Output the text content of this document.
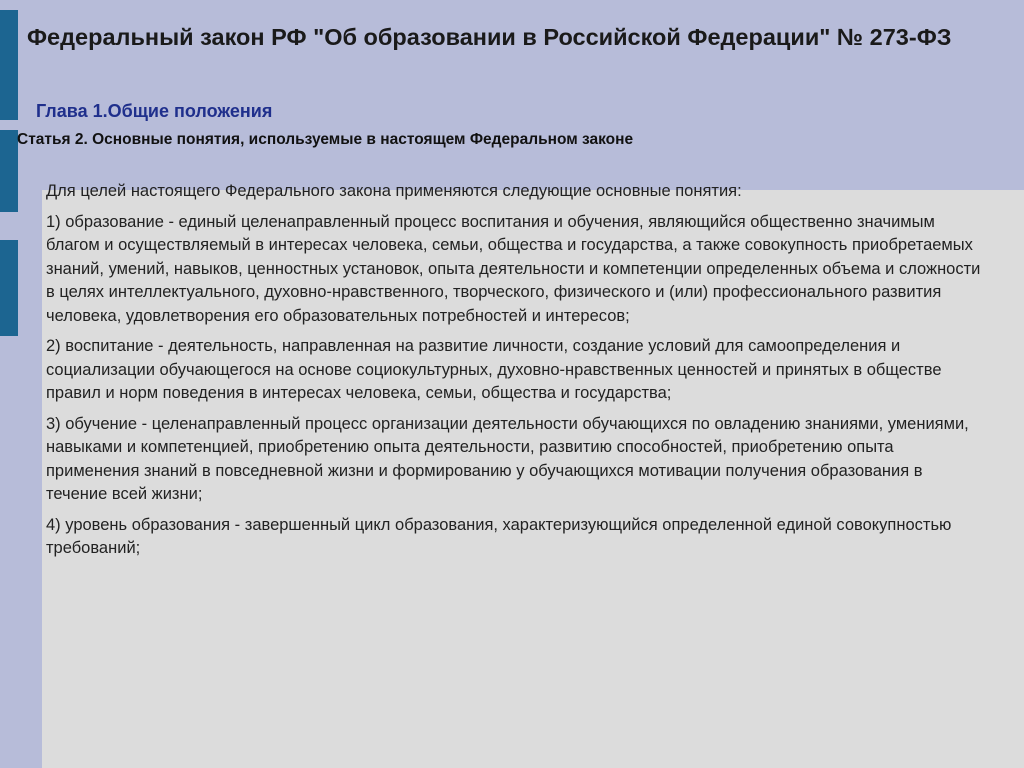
Федеральный закон РФ "Об образовании в Российской Федерации" № 273-ФЗ
Глава 1.Общие положения
Статья 2. Основные понятия, используемые в настоящем Федеральном законе

Для целей настоящего Федерального закона применяются следующие основные понятия:

1) образование - единый целенаправленный процесс воспитания и обучения, являющийся общественно значимым благом и осуществляемый в интересах человека, семьи, общества и государства, а также совокупность приобретаемых знаний, умений, навыков, ценностных установок, опыта деятельности и компетенции определенных объема и сложности в целях интеллектуального, духовно-нравственного, творческого, физического и (или) профессионального развития человека, удовлетворения его образовательных потребностей и интересов;

2) воспитание - деятельность, направленная на развитие личности, создание условий для самоопределения и социализации обучающегося на основе социокультурных, духовно-нравственных ценностей и принятых в обществе правил и норм поведения в интересах человека, семьи, общества и государства;

3) обучение - целенаправленный процесс организации деятельности обучающихся по овладению знаниями, умениями, навыками и компетенцией, приобретению опыта деятельности, развитию способностей, приобретению опыта применения знаний в повседневной жизни и формированию у обучающихся мотивации получения образования в течение всей жизни;

4) уровень образования - завершенный цикл образования, характеризующийся определенной единой совокупностью требований;
